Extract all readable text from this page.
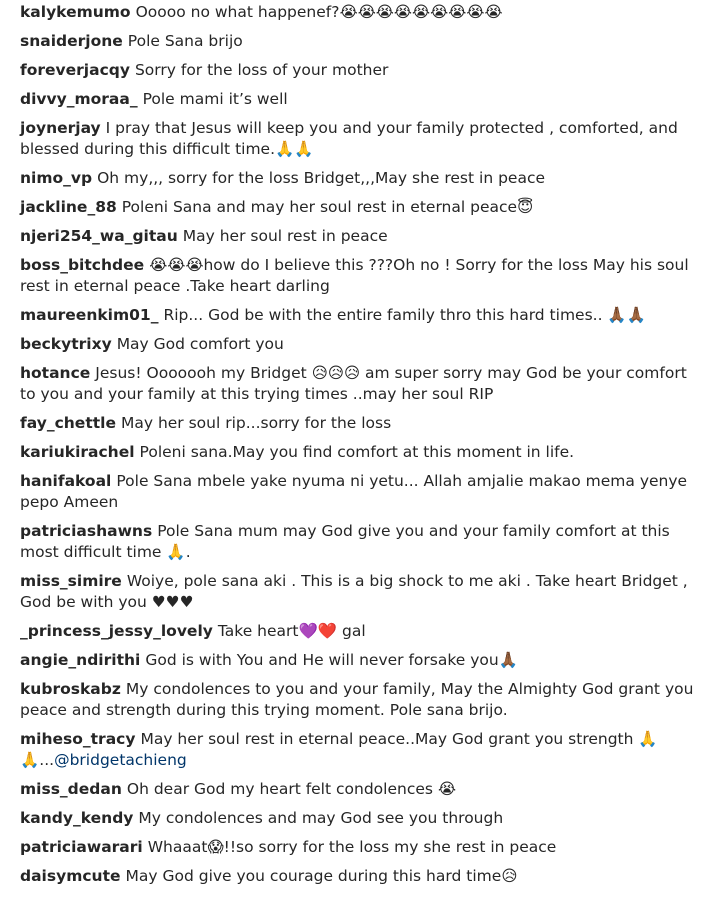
kalykemumo Ooooo no what happenef?😭😭😭😭😭😭😭😭😭
snaiderjone Pole Sana brijo
foreverjacqy Sorry for the loss of your mother
divvy_moraa_ Pole mami it’s well
joynerjay I pray that Jesus will keep you and your family protected , comforted, and blessed during this difficult time.🙏🙏
nimo_vp Oh my,,, sorry for the loss Bridget,,,May she rest in peace
jackline_88 Poleni Sana and may her soul rest in eternal peace😇
njeri254_wa_gitau May her soul rest in peace
boss_bitchdee 😭😭😭how do I believe this ???Oh no ! Sorry for the loss May his soul rest in eternal peace .Take heart darling
maureenkim01_ Rip... God be with the entire family thro this hard times.. 🙏🏾🙏🏾
beckytrixy May God comfort you
hotance Jesus! Ooooooh my Bridget 😥😥😥 am super sorry may God be your comfort to you and your family at this trying times ..may her soul RIP
fay_chettle May her soul rip...sorry for the loss
kariukirachel Poleni sana.May you find comfort at this moment in life.
hanifakoal Pole Sana mbele yake nyuma ni yetu... Allah amjalie makao mema yenye pepo Ameen
patriciashawns Pole Sana mum may God give you and your family comfort at this most difficult time 🙏.
miss_simire Woiye, pole sana aki . This is a big shock to me aki . Take heart Bridget , God be with you ♥♥♥
_princess_jessy_lovely Take heart💜❤️ gal
angie_ndirithi God is with You and He will never forsake you🙏🏾
kubroskabz My condolences to you and your family, May the Almighty God grant you peace and strength during this trying moment. Pole sana brijo.
miheso_tracy May her soul rest in eternal peace..May God grant you strength 🙏 🙏...@bridgetachieng
miss_dedan Oh dear God my heart felt condolences 😭
kandy_kendy My condolences and may God see you through
patriciawarari Whaaat😱!!so sorry for the loss my she rest in peace
daisymcute May God give you courage during this hard time😥
